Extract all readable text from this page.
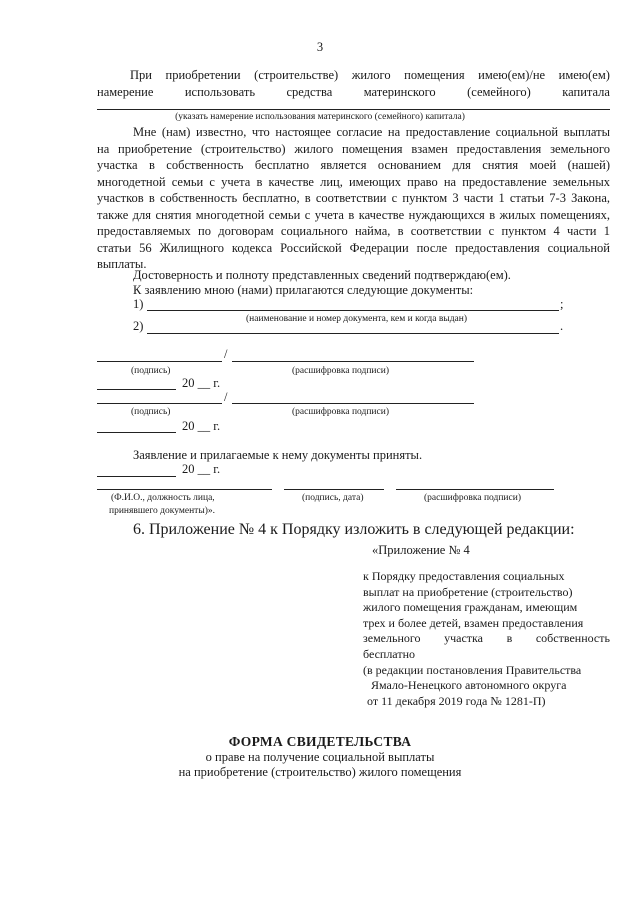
3
При приобретении (строительстве) жилого помещения имею(ем)/не имею(ем)
намерение	использовать	средства	материнского	(семейного)	капитала
(указать намерение использования материнского (семейного) капитала)
Мне (нам) известно, что настоящее согласие на предоставление социальной выплаты
на приобретение (строительство) жилого помещения взамен предоставления земельного
участка в собственность бесплатно является основанием для снятия моей (нашей)
многодетной семьи с учета в качестве лиц, имеющих право на предоставление земельных
участков в собственность бесплатно, в соответствии с пунктом 3 части 1 статьи 7-3 Закона,
также для снятия многодетной семьи с учета в качестве нуждающихся в жилых помещениях,
предоставляемых по договорам социального найма, в соответствии с пунктом 4 части 1
статьи 56 Жилищного кодекса Российской Федерации после предоставления социальной
выплаты.
Достоверность и полноту представленных сведений подтверждаю(ем).
К заявлению мною (нами) прилагаются следующие документы:
1)	;
(наименование и номер документа, кем и когда выдан)
2)	.
/
(подпись)	(расшифровка подписи)
20 __ г.
/
(подпись)	(расшифровка подписи)
20 __ г.
Заявление и прилагаемые к нему документы приняты.
20 __ г.
(Ф.И.О., должность лица,
принявшего документы)».
(подпись, дата)	(расшифровка подписи)
6. Приложение № 4 к Порядку изложить в следующей редакции:
«Приложение № 4
к Порядку предоставления социальных
выплат на приобретение (строительство)
жилого помещения гражданам, имеющим
трех и более детей, взамен предоставления
земельного участка в собственность
бесплатно
(в редакции постановления Правительства
Ямало-Ненецкого автономного округа
от 11 декабря 2019 года № 1281-П)
ФОРМА СВИДЕТЕЛЬСТВА
о праве на получение социальной выплаты
на приобретение (строительство) жилого помещения
